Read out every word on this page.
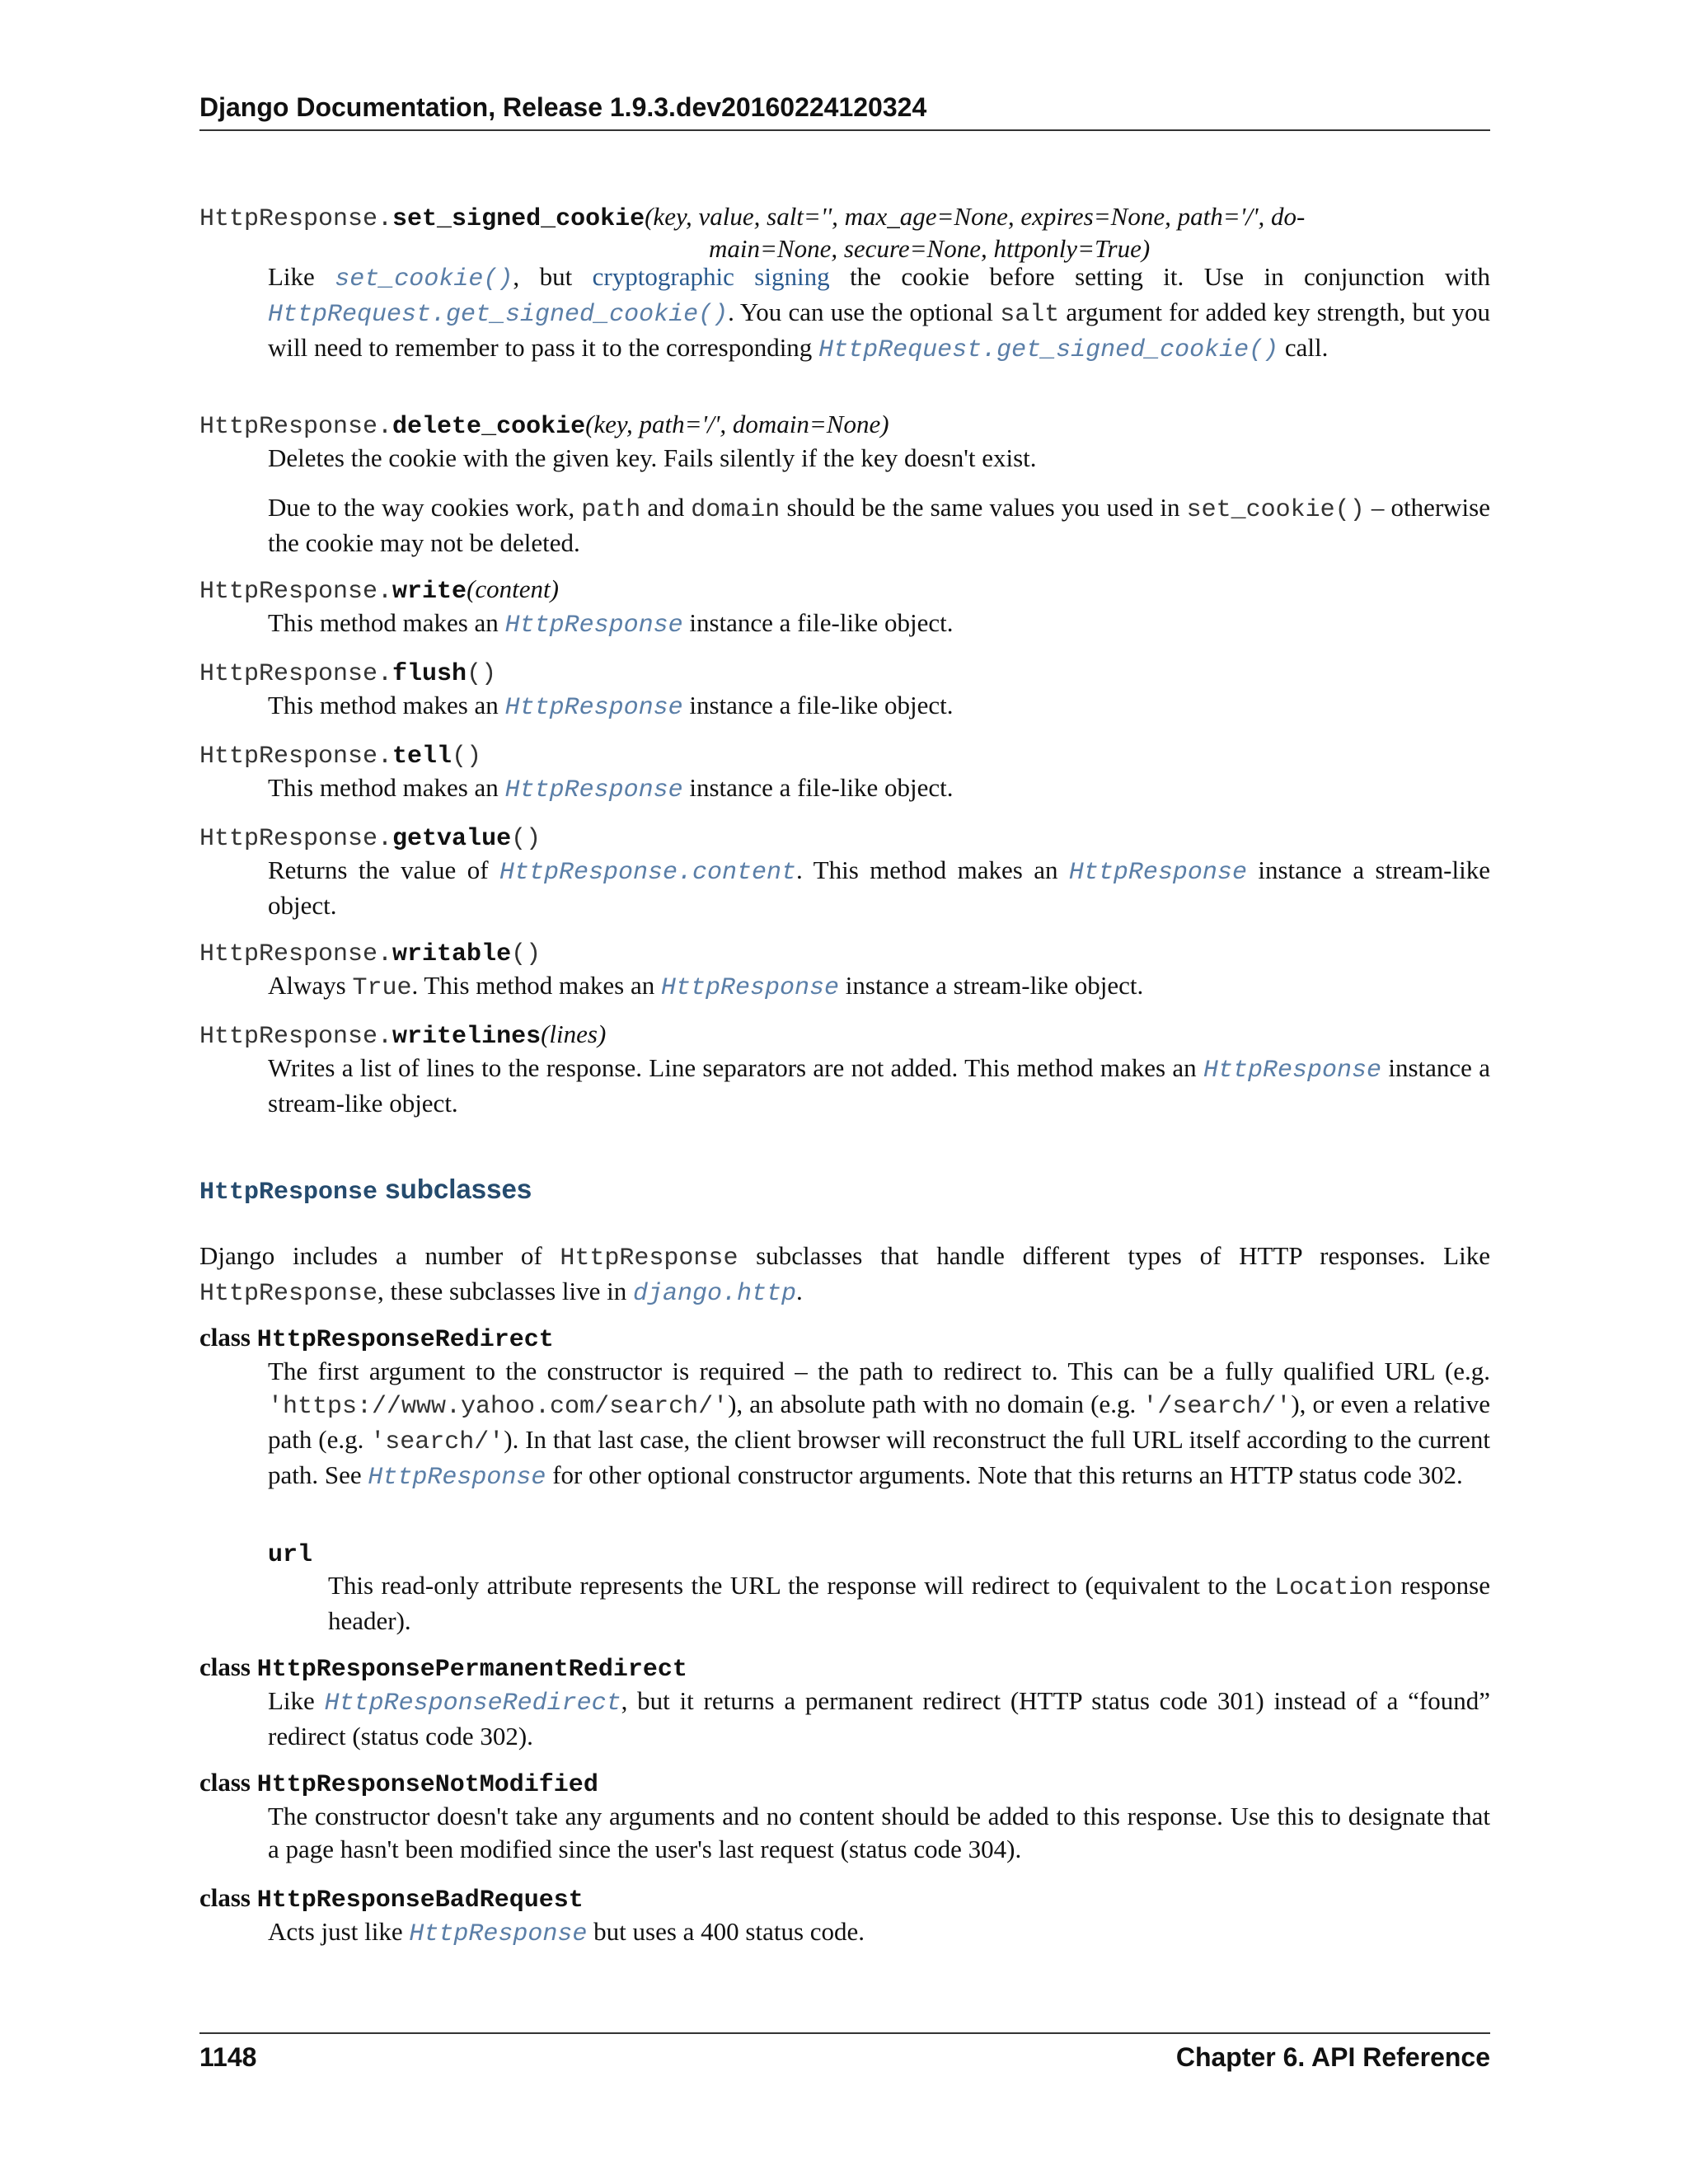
Django Documentation, Release 1.9.3.dev20160224120324
HttpResponse.set_signed_cookie(key, value, salt='', max_age=None, expires=None, path='/', do-
main=None, secure=None, httponly=True)
Like set_cookie(), but cryptographic signing the cookie before setting it. Use in conjunction with HttpRequest.get_signed_cookie(). You can use the optional salt argument for added key strength, but you will need to remember to pass it to the corresponding HttpRequest.get_signed_cookie() call.
HttpResponse.delete_cookie(key, path='/', domain=None)

Deletes the cookie with the given key. Fails silently if the key doesn't exist.

Due to the way cookies work, path and domain should be the same values you used in set_cookie() – otherwise the cookie may not be deleted.
HttpResponse.write(content)
This method makes an HttpResponse instance a file-like object.
HttpResponse.flush()
This method makes an HttpResponse instance a file-like object.
HttpResponse.tell()
This method makes an HttpResponse instance a file-like object.
HttpResponse.getvalue()
Returns the value of HttpResponse.content. This method makes an HttpResponse instance a stream-like object.
HttpResponse.writable()
Always True. This method makes an HttpResponse instance a stream-like object.
HttpResponse.writelines(lines)
Writes a list of lines to the response. Line separators are not added. This method makes an HttpResponse instance a stream-like object.
HttpResponse subclasses
Django includes a number of HttpResponse subclasses that handle different types of HTTP responses. Like HttpResponse, these subclasses live in django.http.
class HttpResponseRedirect
The first argument to the constructor is required – the path to redirect to. This can be a fully qualified URL (e.g. 'https://www.yahoo.com/search/'), an absolute path with no domain (e.g. '/search/'), or even a relative path (e.g. 'search/'). In that last case, the client browser will reconstruct the full URL itself according to the current path. See HttpResponse for other optional constructor arguments. Note that this returns an HTTP status code 302.
url
This read-only attribute represents the URL the response will redirect to (equivalent to the Location response header).
class HttpResponsePermanentRedirect
Like HttpResponseRedirect, but it returns a permanent redirect (HTTP status code 301) instead of a “found” redirect (status code 302).
class HttpResponseNotModified
The constructor doesn't take any arguments and no content should be added to this response. Use this to designate that a page hasn't been modified since the user's last request (status code 304).
class HttpResponseBadRequest
Acts just like HttpResponse but uses a 400 status code.
1148	Chapter 6. API Reference
